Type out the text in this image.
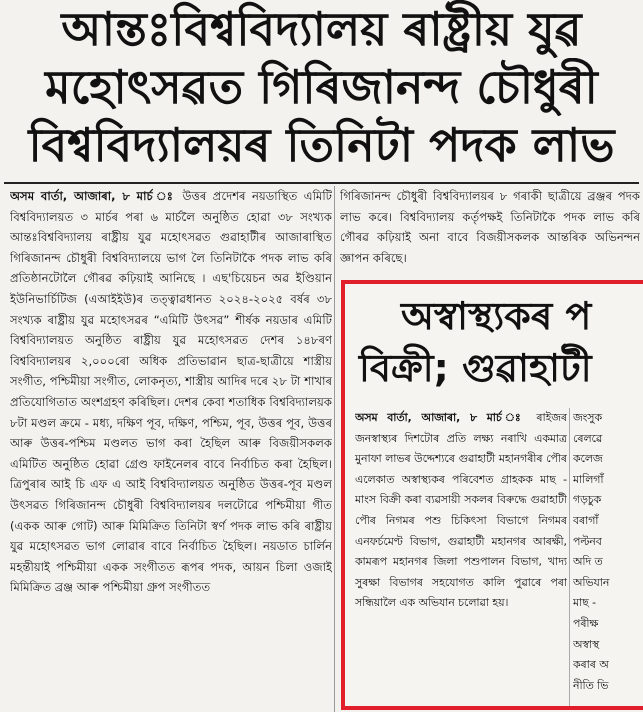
আন্তঃবিশ্ববিদ্যালয় ৰাষ্ট্ৰীয় যুৱ
মহোৎসৱত গিৰিজানন্দ চৌধুৰী
বিশ্ববিদ্যালয়ৰ তিনিটা পদক লাভ
অসম বাৰ্তা, আজাৰা, ৮ মাৰ্চ ঃ উত্তৰ প্ৰদেশৰ নয়ডাস্থিত এমিটি বিশ্ববিদ্যালয়ত ৩ মাৰ্চৰ পৰা ৬ মাৰ্চলৈ অনুষ্ঠিত হোৱা ৩৮ সংখ্যক আন্তঃবিশ্ববিদ্যালয় ৰাষ্ট্ৰীয় যুৱ মহোৎসৱত গুৱাহাটীৰ আজাৰাস্থিত গিৰিজানন্দ চৌধুৰী বিশ্ববিদ্যালয়ে ভাগ লৈ তিনিটাকৈ পদক লাভ কৰি প্ৰতিষ্ঠানটোলৈ গৌৰৱ কঢ়িয়াই আনিছে । এছ'চিয়েচন অৱ ইণ্ডিয়ান ইউনিভাৰ্চিটিজ (এআইইউ)ৰ তত্ত্বাৱধানত ২০২৪-২০২৫ বৰ্ষৰ ৩৮ সংখ্যক ৰাষ্ট্ৰীয় যুৱ মহোৎসৱৰ “এমিটি উৎসৱ” শীৰ্ষক নয়ডাৰ এমিটি বিশ্ববিদ্যালয়ত অনুষ্ঠিত ৰাষ্ট্ৰীয় যুৱ মহোৎসৱত দেশৰ ১৪৮ৰণ বিশ্ববিদ্যালয়ৰ ২,০০০ৰো অধিক প্ৰতিভাৱান ছাত্ৰ-ছাত্ৰীয়ে শাস্ত্ৰীয় সংগীত, পশ্চিমীয়া সংগীত, লোকনৃত্য, শাস্ত্ৰীয় আদিৰ দৰে ২৮ টা শাখাৰ প্ৰতিযোগিতাত অংশগ্ৰহণ কৰিছিল। দেশৰ কেবা শতাধিক বিশ্ববিদ্যালয়ক ৮টা মণ্ডল ক্ৰমে - মধ্য, দক্ষিণ পূব, দক্ষিণ, পশ্চিম, পূব, উত্তৰ পূব, উত্তৰ আৰু উত্তৰ-পশ্চিম মণ্ডলত ভাগ কৰা হৈছিল আৰু বিজয়ীসকলক এমিটিত অনুষ্ঠিত হোৱা গ্ৰেণ্ড ফাইনেলৰ বাবে নিৰ্বাচিত কৰা হৈছিল। ত্ৰিপুৰাৰ আই চি এফ এ আই বিশ্ববিদ্যালয়ত অনুষ্ঠিত উত্তৰ-পূব মণ্ডল উৎসৱত গিৰিজানন্দ চৌধুৰী বিশ্ববিদ্যালয়ৰ দলটোৱে পশ্চিমীয়া গীত (একক আৰু গোট) আৰু মিমিক্ৰিত তিনিটা স্বৰ্ণ পদক লাভ কৰি ৰাষ্ট্ৰীয় যুৱ মহোৎসৱত ভাগ লোৱাৰ বাবে নিৰ্বাচিত হৈছিল। নয়ডাত চাৰ্লিন মহন্তীয়াই পশ্চিমীয়া একক সংগীতত ৰূপৰ পদক, আয়ন চিলা ওজাই মিমিক্ৰিত ব্ৰঞ্জ আৰু পশ্চিমীয়া গ্ৰুপ সংগীতত
গিৰিজানন্দ চৌধুৰী বিশ্ববিদ্যালয়ৰ ৮ গৰাকী ছাত্ৰীয়ে ব্ৰঞ্জৰ পদক লাভ কৰে। বিশ্ববিদ্যালয় কৰ্তৃপক্ষই তিনিটাকৈ পদক লাভ কৰি গৌৰৱ কঢ়িয়াই অনা বাবে বিজয়ীসকলক আন্তৰিক অভিনন্দন জ্ঞাপন কৰিছে।
অস্বাস্থ্যকৰ প
বিক্ৰী; গুৱাহাটী
অসম বাৰ্তা, আজাৰা, ৮ মাৰ্চ ঃ ৰাইজৰ জনস্বাস্থ্যৰ দিশটোৰ প্ৰতি লক্ষ্য নৰাখি একমাত্ৰ মুনাফা লাভৰ উদ্দেশ্যৰে গুৱাহাটী মহানগৰীৰ পৌৰ এলেকাত অস্বাস্থ্যকৰ পৰিবেশত গ্ৰাহকক মাছ - মাংস বিক্ৰী কৰা ব্যৱসায়ী সকলৰ বিৰুদ্ধে গুৱাহাটী পৌৰ নিগমৰ পশু চিকিৎসা বিভাগে নিগমৰ এনফৰ্চমেণ্ট বিভাগ, গুৱাহাটী মহানগৰ আৰক্ষী, কামৰূপ মহানগৰ জিলা পশুপালন বিভাগ, খাদ্য সুৰক্ষা বিভাগৰ সহযোগত কালি পুৱাৰে পৰা সন্ধিয়ালৈ এক অভিযান চলোৱা হয়।
জংসুক
ৰেলৱে
কলেজ
মালিগাঁ
গড়চুক
বৰাগাঁ
পল্টনব
অদি ত
অভিযান
মাছ -
পৰীক্ষ
অস্বাস্থ
কৰাৰ অ
নীতি ভি
